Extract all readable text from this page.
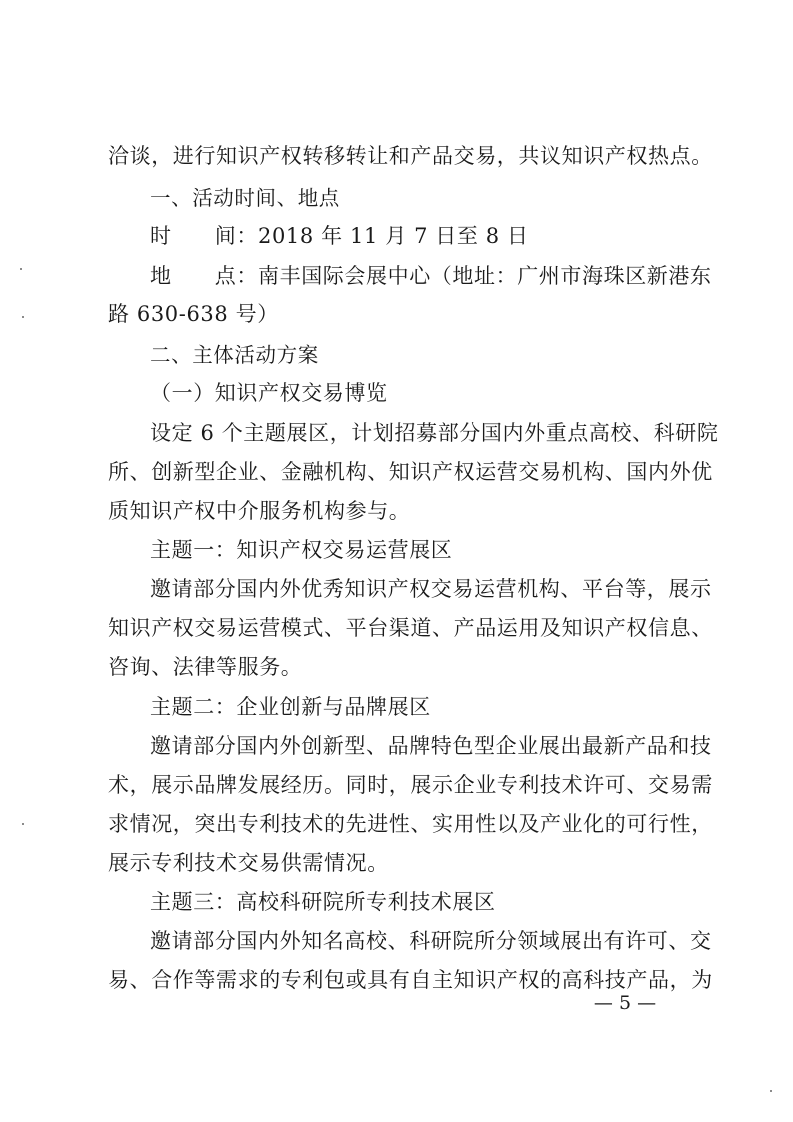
洽谈，进行知识产权转移转让和产品交易，共议知识产权热点。
一、活动时间、地点
时　　间：2018 年 11 月 7 日至 8 日
地　　点：南丰国际会展中心（地址：广州市海珠区新港东
路 630-638 号）
二、主体活动方案
（一）知识产权交易博览
设定 6 个主题展区，计划招募部分国内外重点高校、科研院
所、创新型企业、金融机构、知识产权运营交易机构、国内外优
质知识产权中介服务机构参与。
主题一：知识产权交易运营展区
邀请部分国内外优秀知识产权交易运营机构、平台等，展示
知识产权交易运营模式、平台渠道、产品运用及知识产权信息、
咨询、法律等服务。
主题二：企业创新与品牌展区
邀请部分国内外创新型、品牌特色型企业展出最新产品和技
术，展示品牌发展经历。同时，展示企业专利技术许可、交易需
求情况，突出专利技术的先进性、实用性以及产业化的可行性，
展示专利技术交易供需情况。
主题三：高校科研院所专利技术展区
邀请部分国内外知名高校、科研院所分领域展出有许可、交
易、合作等需求的专利包或具有自主知识产权的高科技产品，为
— 5 —
